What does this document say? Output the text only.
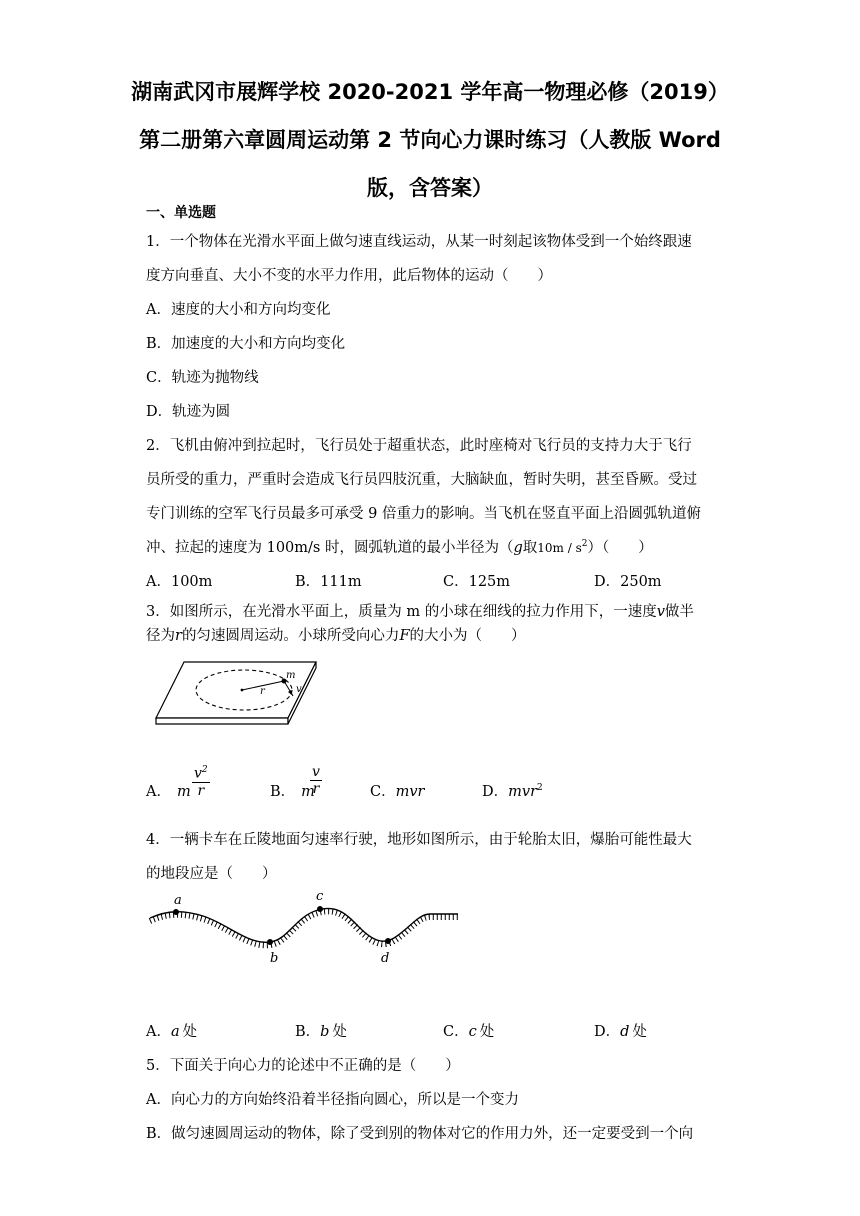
湖南武冈市展辉学校 2020-2021 学年高一物理必修（2019）
第二册第六章圆周运动第 2 节向心力课时练习（人教版 Word
版，含答案）
一、单选题
1．一个物体在光滑水平面上做匀速直线运动，从某一时刻起该物体受到一个始终跟速
度方向垂直、大小不变的水平力作用，此后物体的运动（　　）
A．速度的大小和方向均变化
B．加速度的大小和方向均变化
C．轨迹为抛物线
D．轨迹为圆
2．飞机由俯冲到拉起时，飞行员处于超重状态，此时座椅对飞行员的支持力大于飞行
员所受的重力，严重时会造成飞行员四肢沉重，大脑缺血，暂时失明，甚至昏厥。受过
专门训练的空军飞行员最多可承受 9 倍重力的影响。当飞机在竖直平面上沿圆弧轨道俯
冲、拉起的速度为 100m/s 时，圆弧轨道的最小半径为（g取$10m / s^2$）（　　）
A．100m	B．111m	C．125m	D．250m
3．如图所示，在光滑水平面上，质量为 m 的小球在细线的拉力作用下，一速度v做半
径为r的匀速圆周运动。小球所受向心力F的大小为（　　）
r
m
v
A． m $\frac{v^2}{r}$	B． m
$\frac{v}{r}$	C．mvr	D．mvr$^2$
4．一辆卡车在丘陵地面匀速率行驶，地形如图所示，由于轮胎太旧，爆胎可能性最大
的地段应是（　　）
a
b
c
d
A．a 处	B．b 处	C．c 处	D．d 处
5．下面关于向心力的论述中不正确的是（　　）
A．向心力的方向始终沿着半径指向圆心，所以是一个变力
B．做匀速圆周运动的物体，除了受到别的物体对它的作用力外，还一定要受到一个向
